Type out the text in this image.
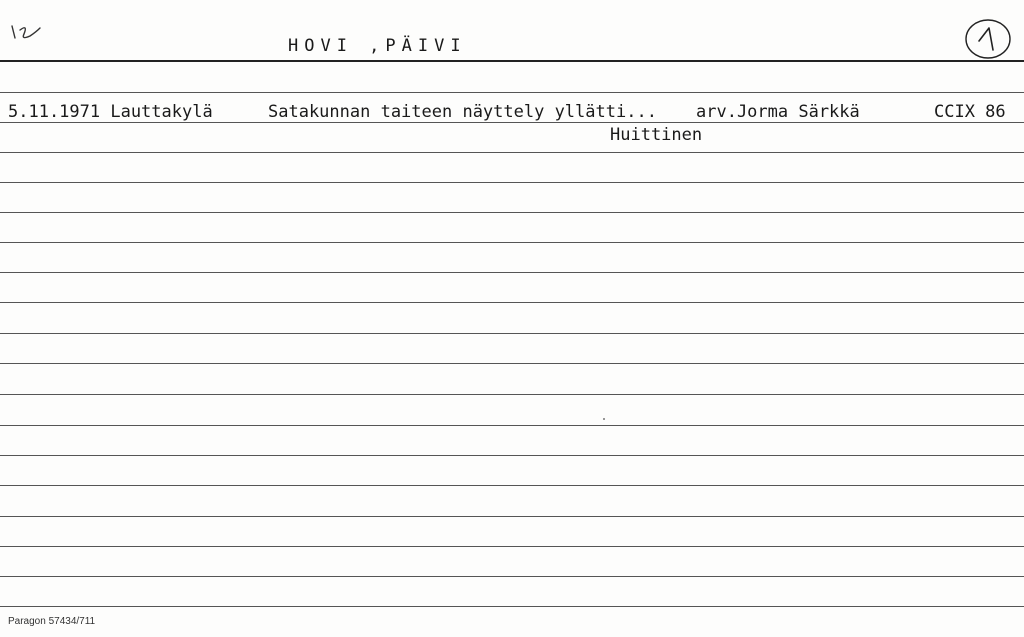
HOVI ,PÄIVI
5.11.1971 Lauttakylä	Satakunnan taiteen näyttely yllätti... arv.Jorma Särkkä	CCIX 86
Huittinen
Paragon 57434/711
